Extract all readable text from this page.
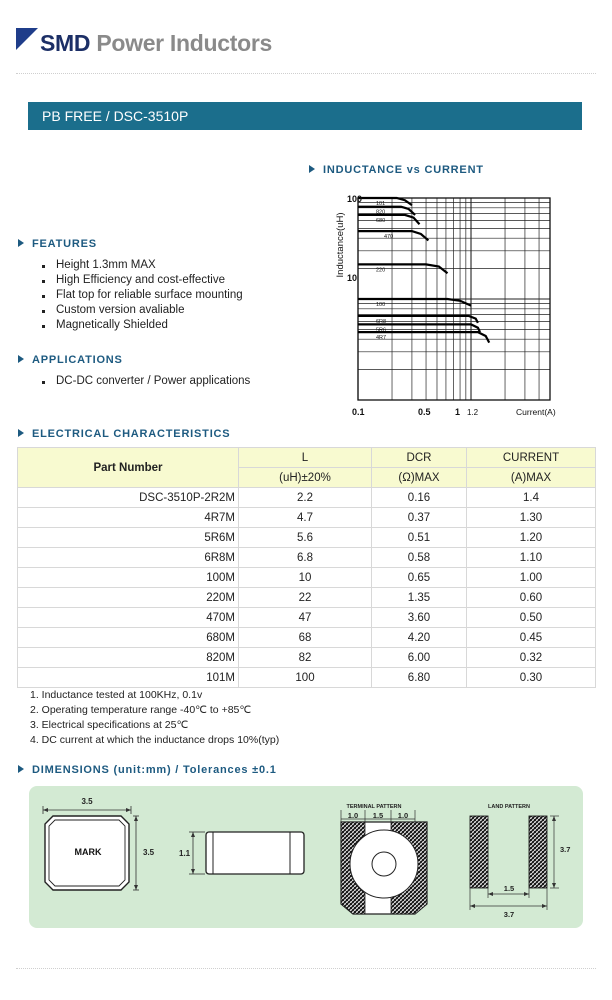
SMD Power Inductors
PB FREE / DSC-3510P
INDUCTANCE vs CURRENT
101
820
680
470
220
100
6R8
5R6
4R7
Inductance(uH)
100
10
0.1	0.5	1 1.2	Current(A)
FEATURES
Height 1.3mm MAX
High Efficiency and cost-effective
Flat top for reliable surface mounting
Custom version avaliable
Magnetically Shielded
APPLICATIONS
DC-DC converter / Power applications
ELECTRICAL CHARACTERISTICS
Part Number	L	DCR	CURRENT
	(uH)±20%	(Ω)MAX	(A)MAX
DSC-3510P-2R2M	2.2	0.16	1.4
4R7M	4.7	0.37	1.30
5R6M	5.6	0.51	1.20
6R8M	6.8	0.58	1.10
100M	10	0.65	1.00
220M	22	1.35	0.60
470M	47	3.60	0.50
680M	68	4.20	0.45
820M	82	6.00	0.32
101M	100	6.80	0.30
1. Inductance tested at 100KHz, 0.1v
2. Operating temperature range -40℃ to +85℃
3. Electrical specifications at 25℃
4. DC current at which the inductance drops 10%(typ)
DIMENSIONS (unit:mm) / Tolerances ±0.1
3.5
MARK	3.5	1.1
TERMINAL PATTERN
1.0 1.5 1.0
LAND PATTERN
3.7
1.5
3.7
